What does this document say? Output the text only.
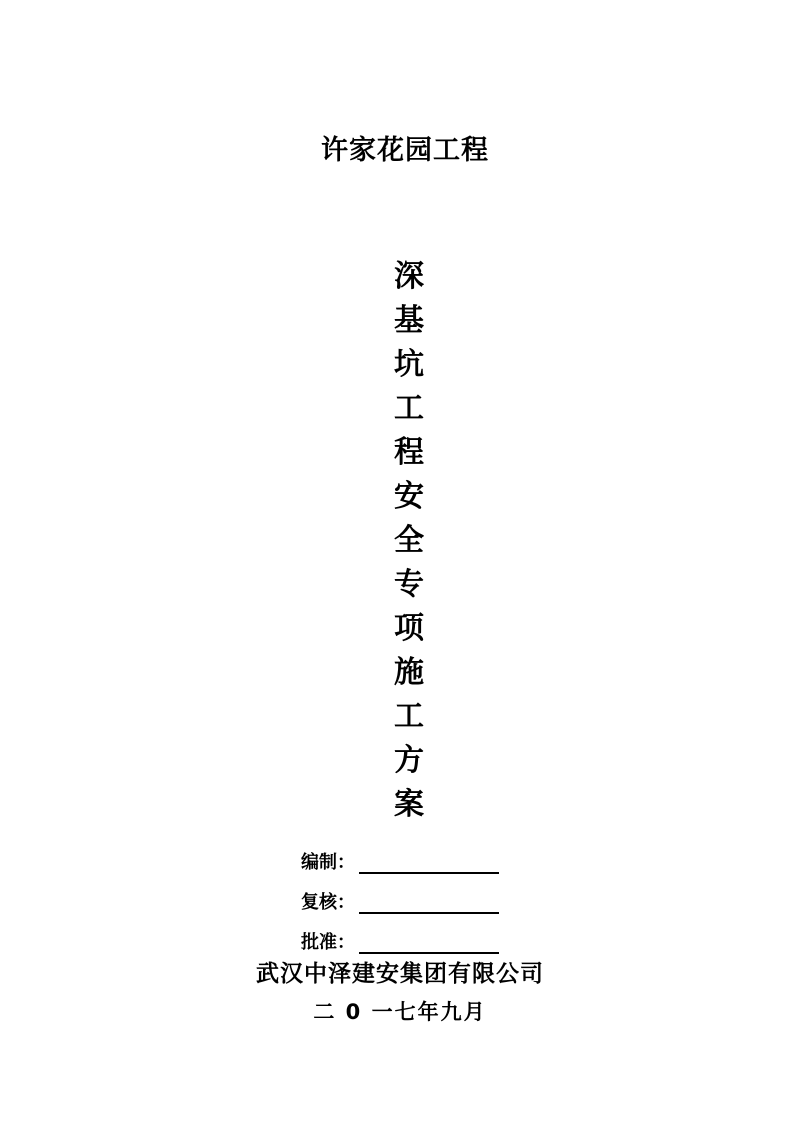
许家花园工程
深
基
坑
工
程
安
全
专
项
施
工
方
案
编制：
复核：
批准：
武汉中泽建安集团有限公司
二 0 一七年九月
